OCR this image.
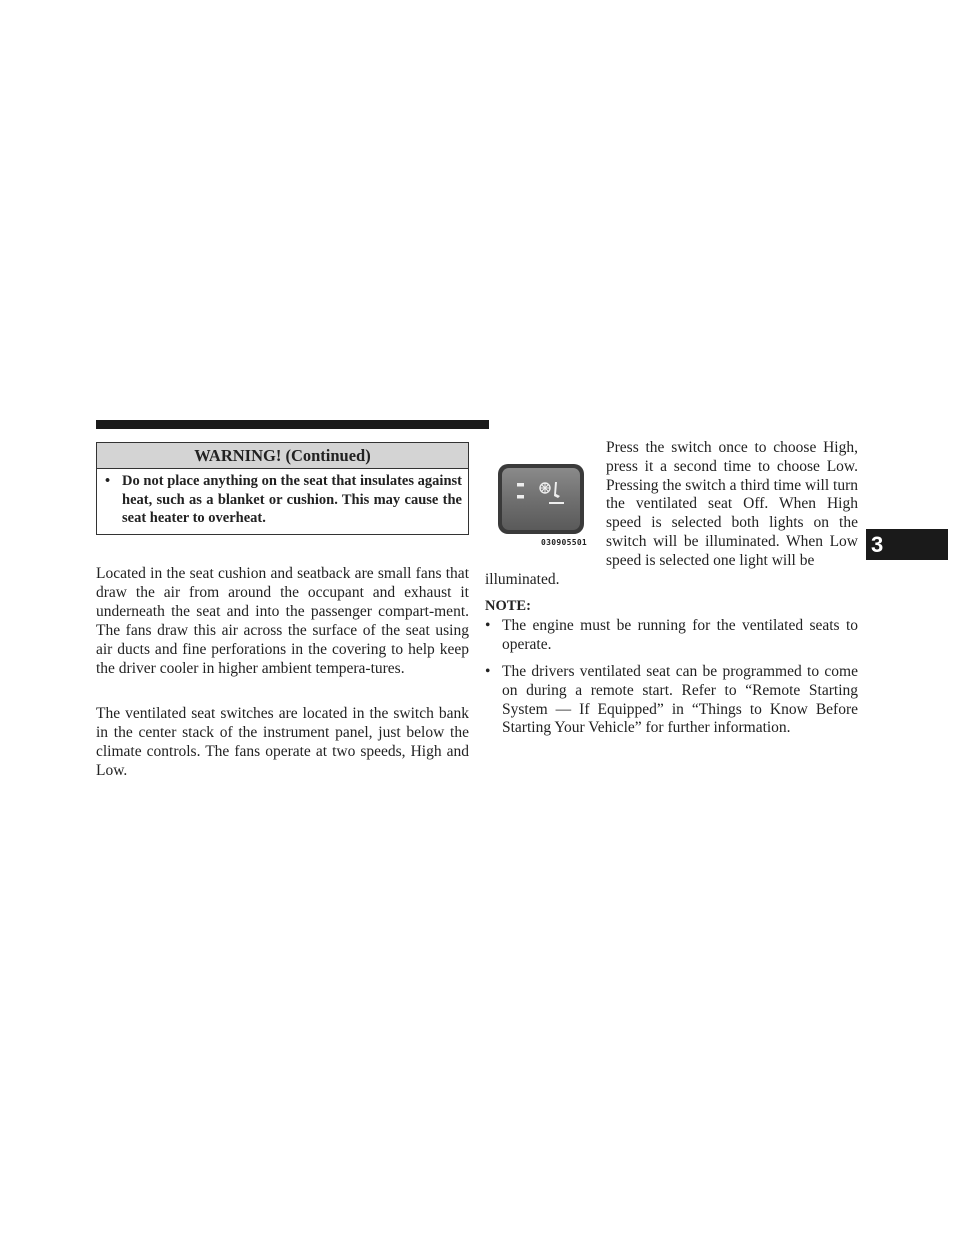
WARNING! (Continued)
• Do not place anything on the seat that insulates against heat, such as a blanket or cushion. This may cause the seat heater to overheat.

Located in the seat cushion and seatback are small fans that draw the air from around the occupant and exhaust it underneath the seat and into the passenger compart-ment. The fans draw this air across the surface of the seat using air ducts and fine perforations in the covering to help keep the driver cooler in higher ambient tempera-tures.

The ventilated seat switches are located in the switch bank in the center stack of the instrument panel, just below the climate controls. The fans operate at two speeds, High and Low.

030905501
Press the switch once to choose High, press it a second time to choose Low. Pressing the switch a third time will turn the ventilated seat Off. When High speed is selected both lights on the switch will be illuminated. When Low speed is selected one light will be
illuminated.
NOTE:
• The engine must be running for the ventilated seats to operate.
• The drivers ventilated seat can be programmed to come on during a remote start. Refer to “Remote Starting System — If Equipped” in “Things to Know Before Starting Your Vehicle” for further information.
3
